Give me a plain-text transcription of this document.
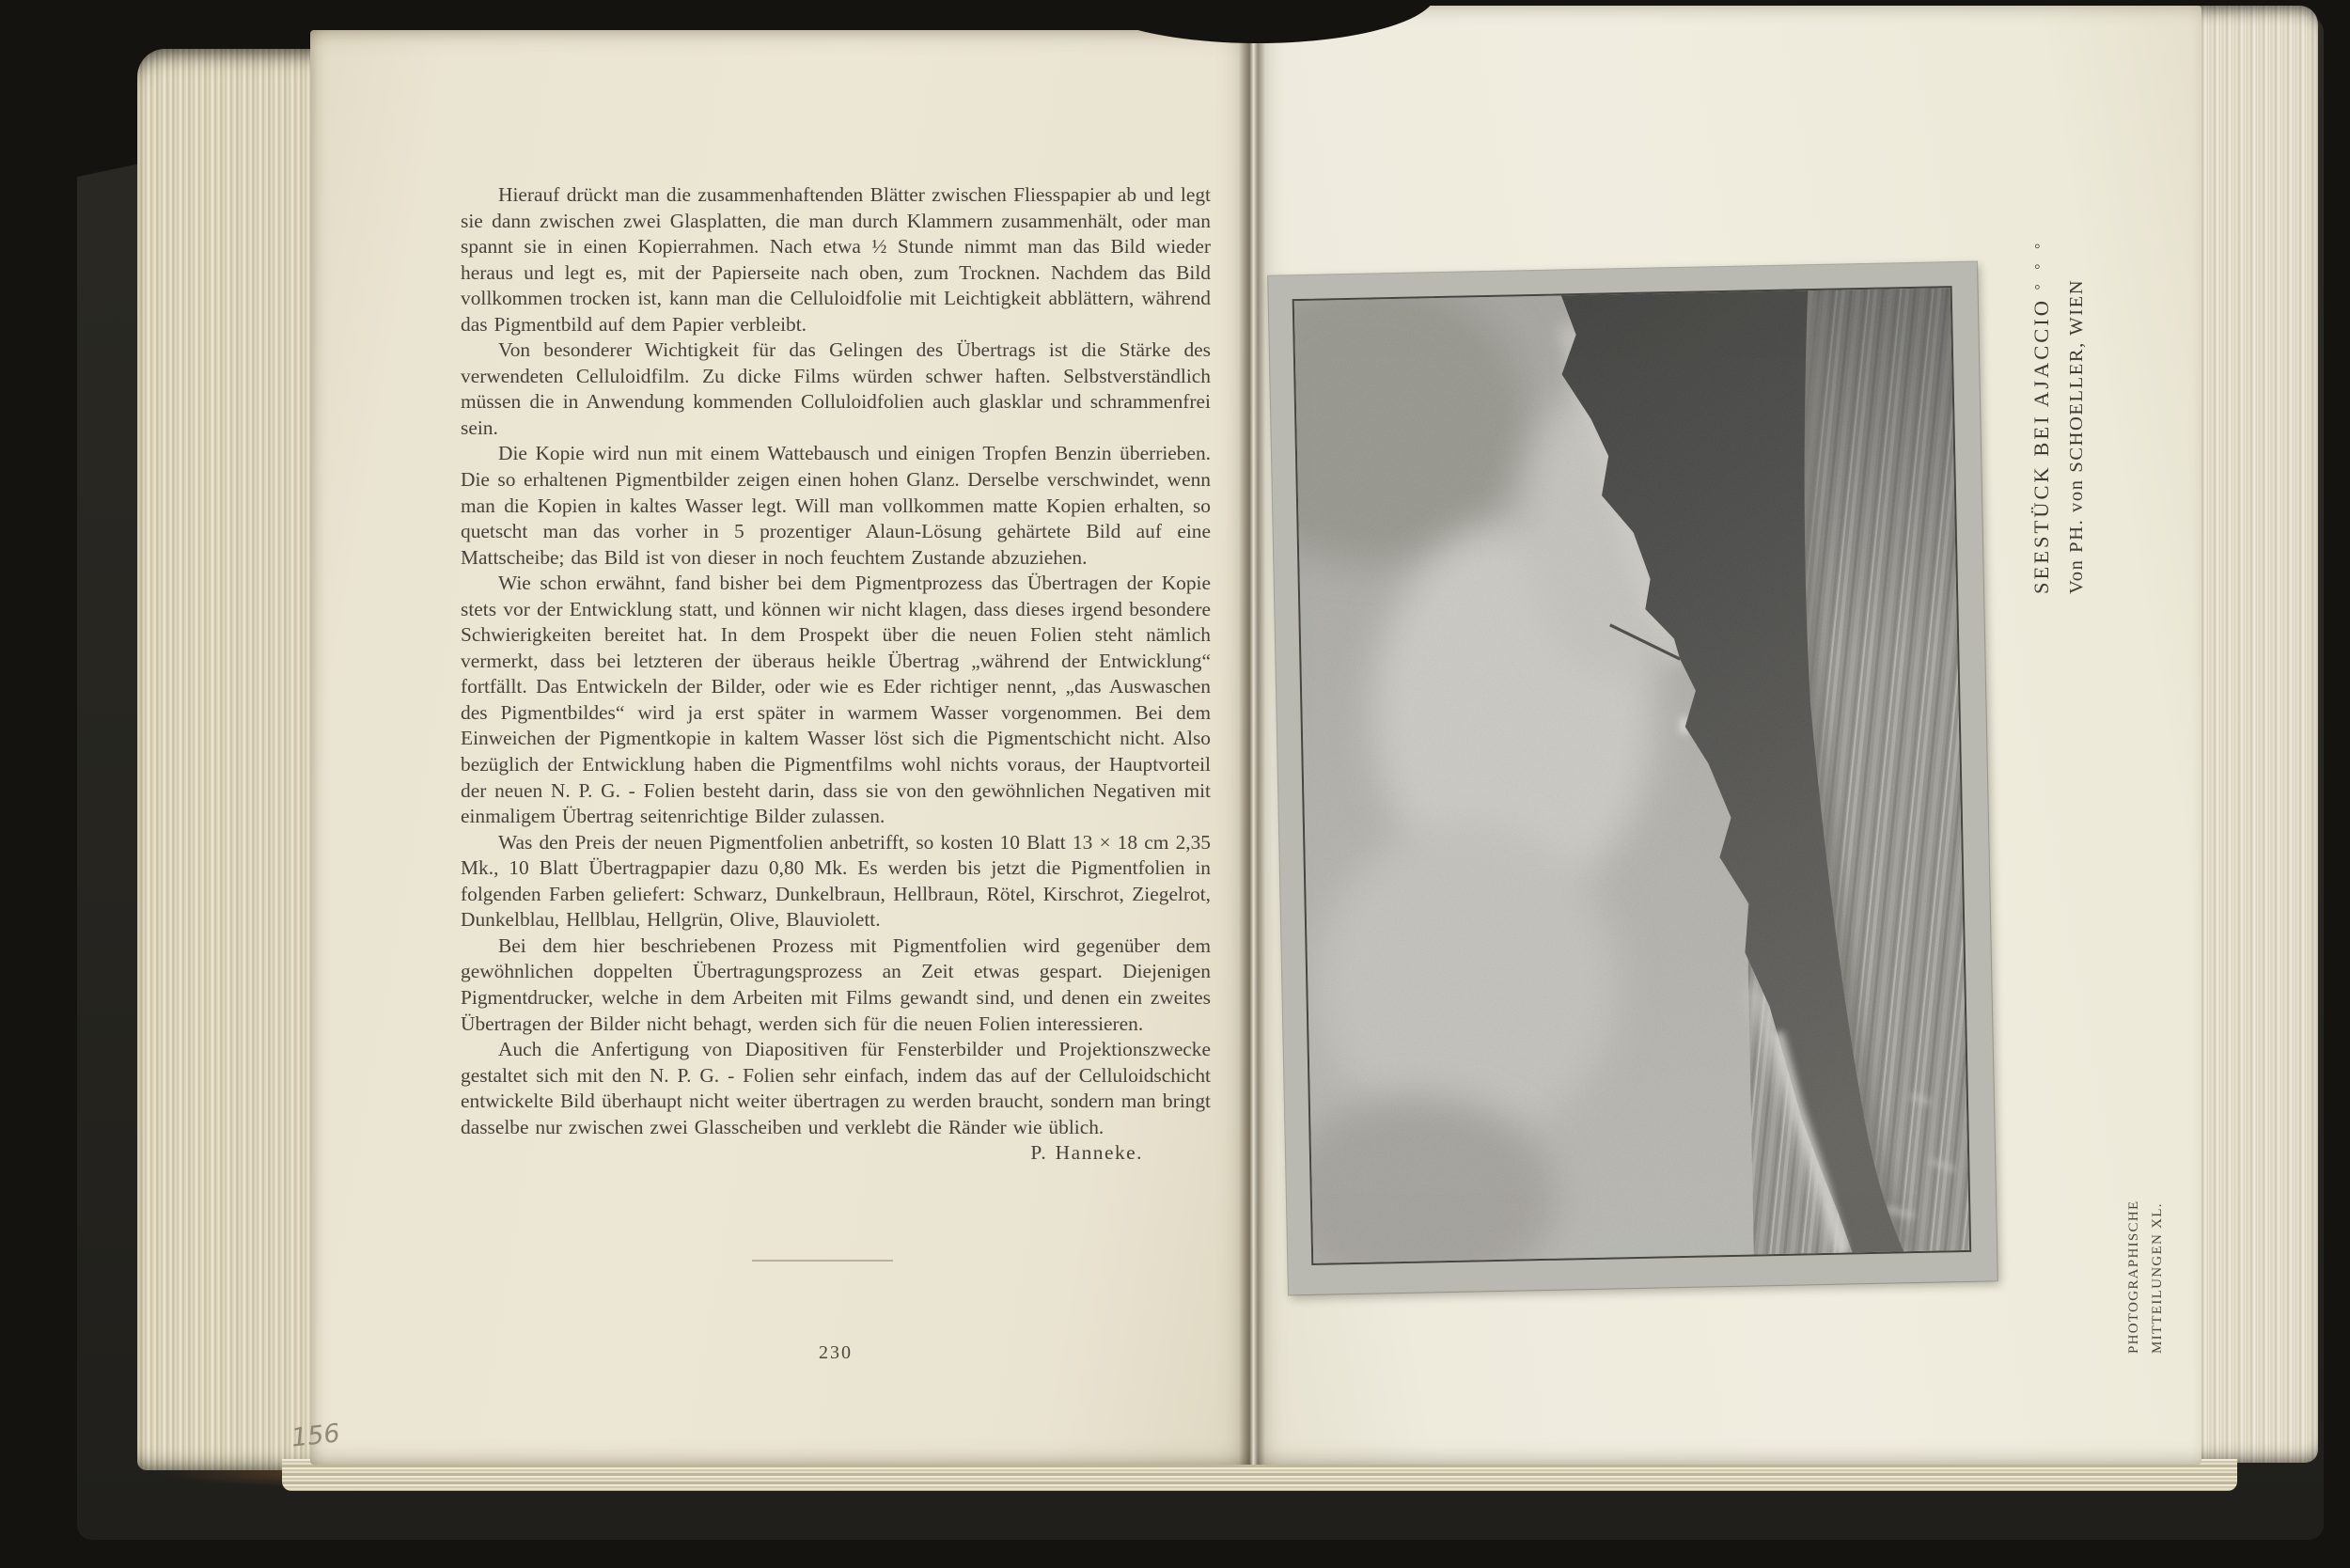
Hierauf drückt man die zusammenhaftenden Blätter zwischen Fliesspapier ab und legt sie dann zwischen zwei Glasplatten, die man durch Klammern zusammenhält, oder man spannt sie in einen Kopierrahmen. Nach etwa ½ Stunde nimmt man das Bild wieder heraus und legt es, mit der Papierseite nach oben, zum Trocknen. Nachdem das Bild vollkommen trocken ist, kann man die Celluloidfolie mit Leichtigkeit abblättern, während das Pigmentbild auf dem Papier verbleibt.

Von besonderer Wichtigkeit für das Gelingen des Übertrags ist die Stärke des verwendeten Celluloidfilm. Zu dicke Films würden schwer haften. Selbstverständlich müssen die in Anwendung kommenden Colluloidfolien auch glasklar und schrammenfrei sein.

Die Kopie wird nun mit einem Wattebausch und einigen Tropfen Benzin überrieben. Die so erhaltenen Pigmentbilder zeigen einen hohen Glanz. Derselbe verschwindet, wenn man die Kopien in kaltes Wasser legt. Will man vollkommen matte Kopien erhalten, so quetscht man das vorher in 5 prozentiger Alaun-Lösung gehärtete Bild auf eine Mattscheibe; das Bild ist von dieser in noch feuchtem Zustande abzuziehen.

Wie schon erwähnt, fand bisher bei dem Pigmentprozess das Übertragen der Kopie stets vor der Entwicklung statt, und können wir nicht klagen, dass dieses irgend besondere Schwierigkeiten bereitet hat. In dem Prospekt über die neuen Folien steht nämlich vermerkt, dass bei letzteren der überaus heikle Übertrag „während der Entwicklung“ fortfällt. Das Entwickeln der Bilder, oder wie es Eder richtiger nennt, „das Auswaschen des Pigmentbildes“ wird ja erst später in warmem Wasser vorgenommen. Bei dem Einweichen der Pigmentkopie in kaltem Wasser löst sich die Pigmentschicht nicht. Also bezüglich der Entwicklung haben die Pigmentfilms wohl nichts voraus, der Hauptvorteil der neuen N. P. G. - Folien besteht darin, dass sie von den gewöhnlichen Negativen mit einmaligem Übertrag seitenrichtige Bilder zulassen.

Was den Preis der neuen Pigmentfolien anbetrifft, so kosten 10 Blatt 13 × 18 cm 2,35 Mk., 10 Blatt Übertragpapier dazu 0,80 Mk. Es werden bis jetzt die Pigmentfolien in folgenden Farben geliefert: Schwarz, Dunkelbraun, Hellbraun, Rötel, Kirschrot, Ziegelrot, Dunkelblau, Hellblau, Hellgrün, Olive, Blauviolett.

Bei dem hier beschriebenen Prozess mit Pigmentfolien wird gegenüber dem gewöhnlichen doppelten Übertragungsprozess an Zeit etwas gespart. Diejenigen Pigmentdrucker, welche in dem Arbeiten mit Films gewandt sind, und denen ein zweites Übertragen der Bilder nicht behagt, werden sich für die neuen Folien interessieren.

Auch die Anfertigung von Diapositiven für Fensterbilder und Projektionszwecke gestaltet sich mit den N. P. G. - Folien sehr einfach, indem das auf der Celluloidschicht entwickelte Bild überhaupt nicht weiter übertragen zu werden braucht, sondern man bringt dasselbe nur zwischen zwei Glasscheiben und verklebt die Ränder wie üblich.

P. Hanneke.

230
156
SEESTÜCK BEI AJACCIO ° ° °
Von PH. von SCHOELLER, WIEN
PHOTOGRAPHISCHE MITTEILUNGEN XL.
